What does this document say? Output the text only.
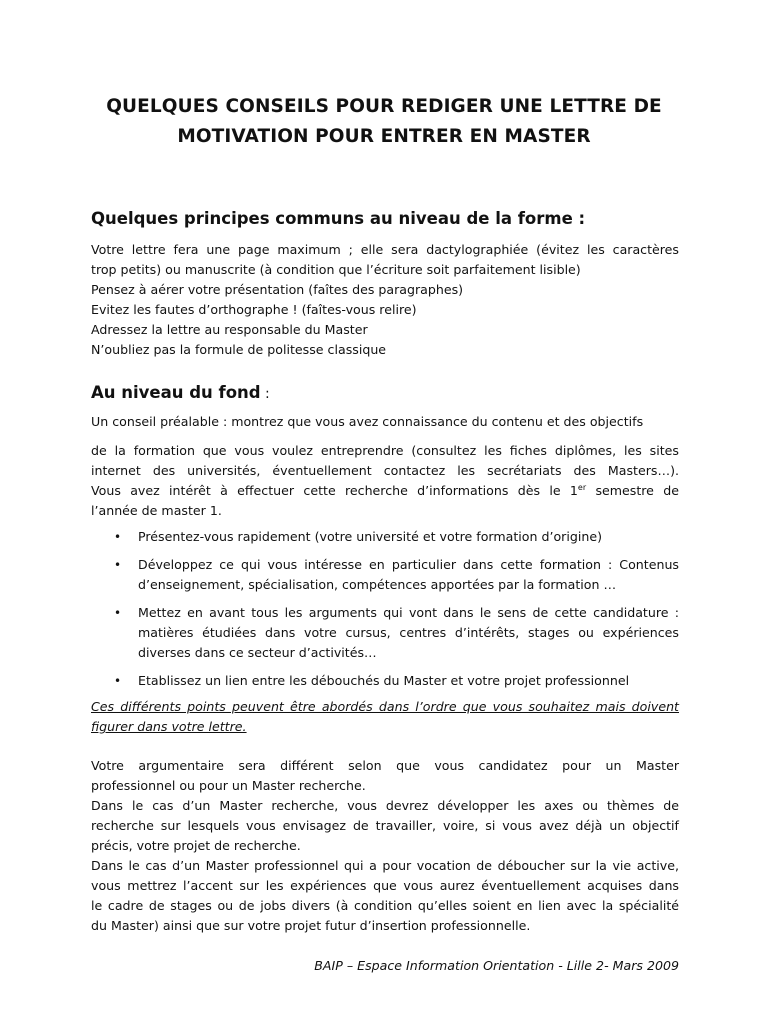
QUELQUES CONSEILS POUR REDIGER UNE LETTRE DE
MOTIVATION POUR ENTRER EN MASTER
Quelques principes communs au niveau de la forme :
Votre lettre fera une page maximum ; elle sera dactylographiée (évitez les caractères
trop petits) ou manuscrite (à condition que l’écriture soit parfaitement lisible)
Pensez à aérer votre présentation (faîtes des paragraphes)
Evitez les fautes d’orthographe ! (faîtes-vous relire)
Adressez la lettre au responsable du Master
N’oubliez pas la formule de politesse classique
Au niveau du fond :
Un conseil préalable : montrez que vous avez connaissance du contenu et des objectifs
de la formation que vous voulez entreprendre (consultez les fiches diplômes, les sites
internet des universités, éventuellement contactez les secrétariats des Masters…).
Vous avez intérêt à effectuer cette recherche d’informations dès le 1er semestre de
l’année de master 1.
• Présentez-vous rapidement (votre université et votre formation d’origine)
• Développez ce qui vous intéresse en particulier dans cette formation : Contenus
d’enseignement, spécialisation, compétences apportées par la formation …
• Mettez en avant tous les arguments qui vont dans le sens de cette candidature :
matières étudiées dans votre cursus, centres d’intérêts, stages ou expériences
diverses dans ce secteur d’activités…
• Etablissez un lien entre les débouchés du Master et votre projet professionnel
Ces différents points peuvent être abordés dans l’ordre que vous souhaitez mais doivent
figurer dans votre lettre.
Votre argumentaire sera différent selon que vous candidatez pour un Master
professionnel ou pour un Master recherche.
Dans le cas d’un Master recherche, vous devrez développer les axes ou thèmes de
recherche sur lesquels vous envisagez de travailler, voire, si vous avez déjà un objectif
précis, votre projet de recherche.
Dans le cas d’un Master professionnel qui a pour vocation de déboucher sur la vie active,
vous mettrez l’accent sur les expériences que vous aurez éventuellement acquises dans
le cadre de stages ou de jobs divers (à condition qu’elles soient en lien avec la spécialité
du Master) ainsi que sur votre projet futur d’insertion professionnelle.
BAIP – Espace Information Orientation - Lille 2- Mars 2009
